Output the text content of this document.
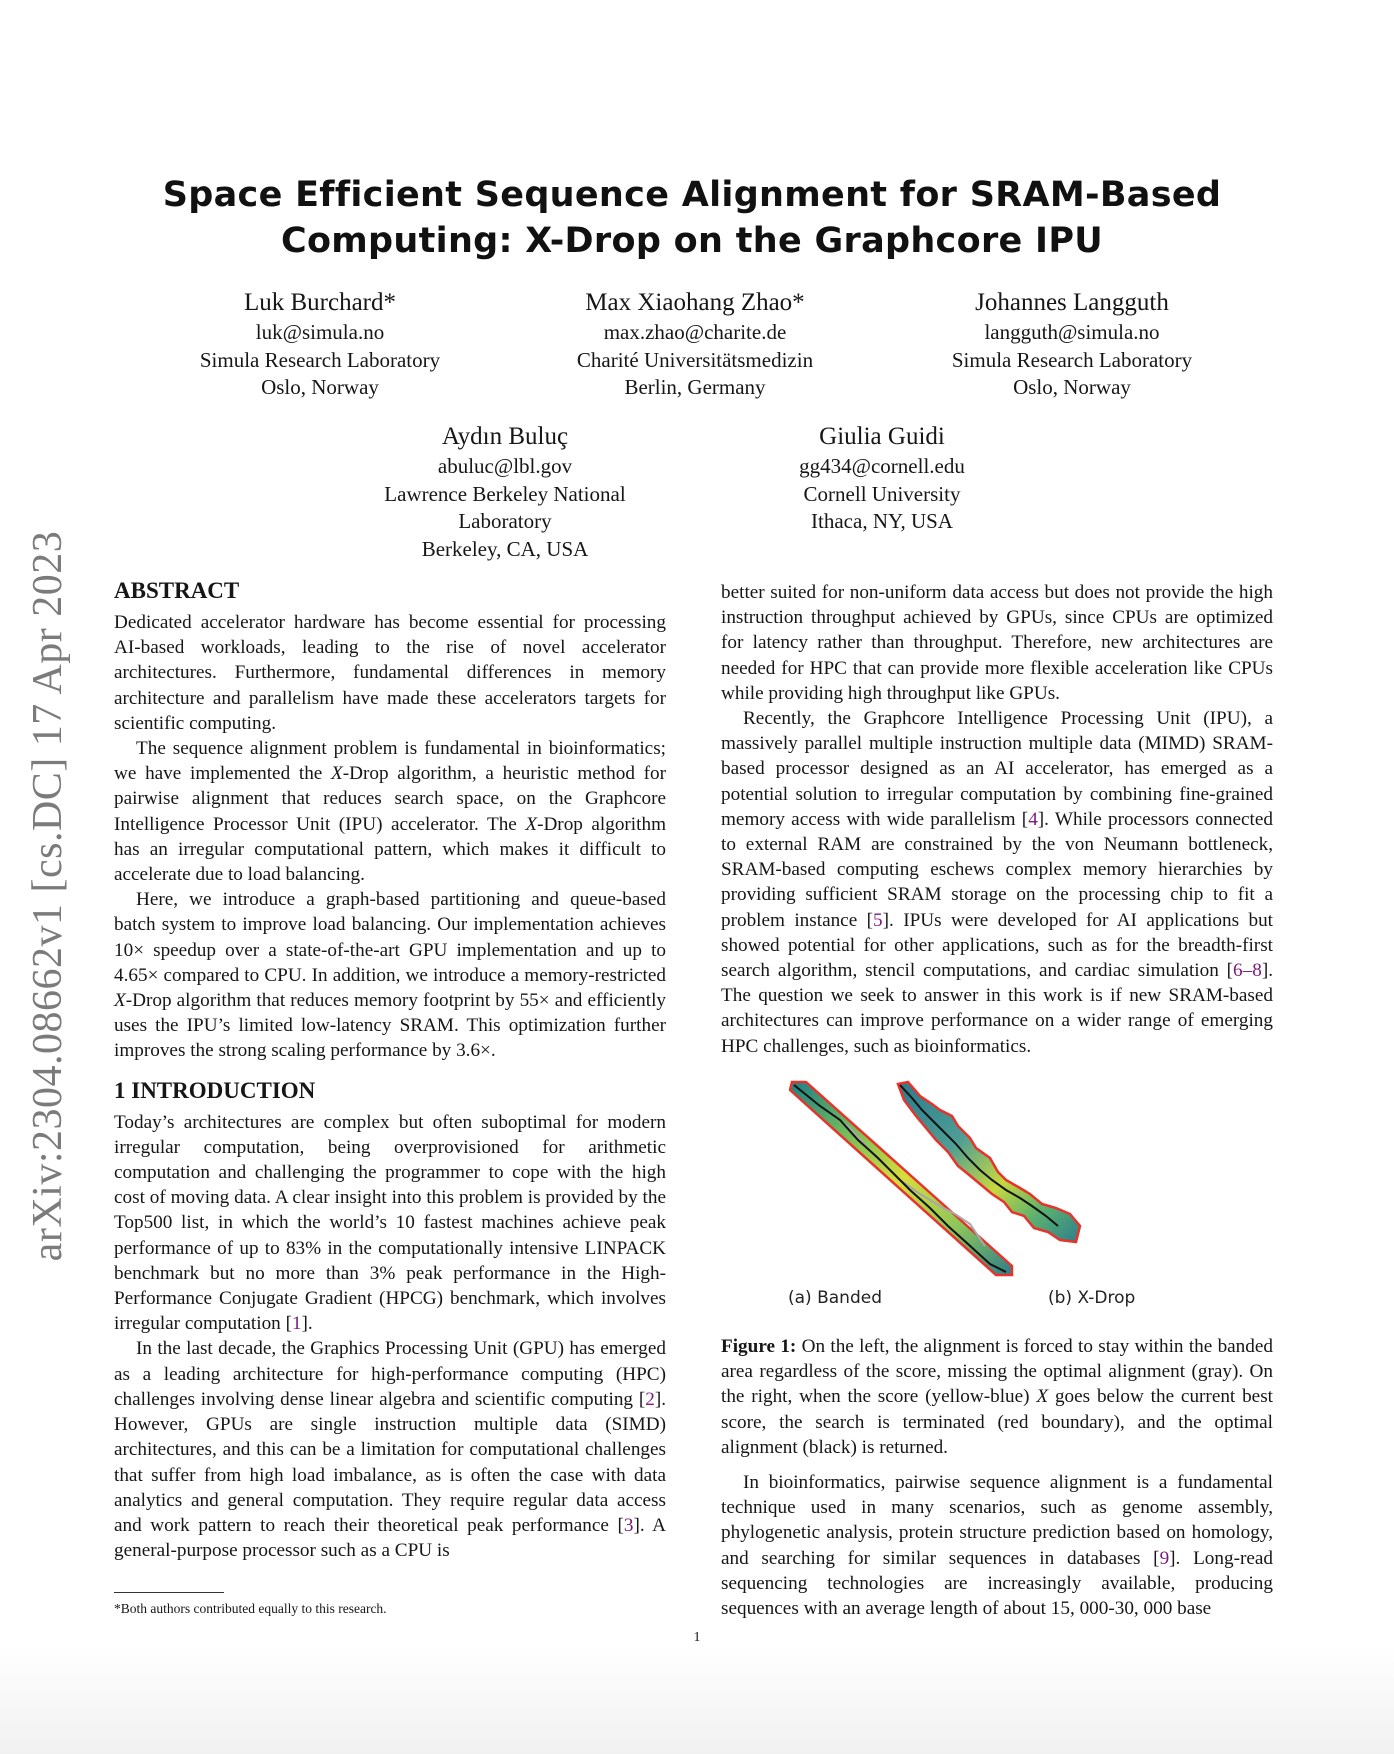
arXiv:2304.08662v1 [cs.DC] 17 Apr 2023
Space Efficient Sequence Alignment for SRAM-Based
Computing: X-Drop on the Graphcore IPU
Luk Burchard*
luk@simula.no
Simula Research Laboratory
Oslo, Norway
Max Xiaohang Zhao*
max.zhao@charite.de
Charité Universitätsmedizin
Berlin, Germany
Johannes Langguth
langguth@simula.no
Simula Research Laboratory
Oslo, Norway
Aydın Buluç
abuluc@lbl.gov
Lawrence Berkeley National
Laboratory
Berkeley, CA, USA
Giulia Guidi
gg434@cornell.edu
Cornell University
Ithaca, NY, USA
ABSTRACT

Dedicated accelerator hardware has become essential for processing AI-based workloads, leading to the rise of novel accelerator architectures. Furthermore, fundamental differences in memory architecture and parallelism have made these accelerators targets for scientific computing.

The sequence alignment problem is fundamental in bioinformatics; we have implemented the X-Drop algorithm, a heuristic method for pairwise alignment that reduces search space, on the Graphcore Intelligence Processor Unit (IPU) accelerator. The X-Drop algorithm has an irregular computational pattern, which makes it difficult to accelerate due to load balancing.

Here, we introduce a graph-based partitioning and queue-based batch system to improve load balancing. Our implementation achieves 10× speedup over a state-of-the-art GPU implementation and up to 4.65× compared to CPU. In addition, we introduce a memory-restricted X-Drop algorithm that reduces memory footprint by 55× and efficiently uses the IPU’s limited low-latency SRAM. This optimization further improves the strong scaling performance by 3.6×.

1 INTRODUCTION

Today’s architectures are complex but often suboptimal for modern irregular computation, being overprovisioned for arithmetic computation and challenging the programmer to cope with the high cost of moving data. A clear insight into this problem is provided by the Top500 list, in which the world’s 10 fastest machines achieve peak performance of up to 83% in the computationally intensive LINPACK benchmark but no more than 3% peak performance in the High-Performance Conjugate Gradient (HPCG) benchmark, which involves irregular computation [1].

In the last decade, the Graphics Processing Unit (GPU) has emerged as a leading architecture for high-performance computing (HPC) challenges involving dense linear algebra and scientific computing [2]. However, GPUs are single instruction multiple data (SIMD) architectures, and this can be a limitation for computational challenges that suffer from high load imbalance, as is often the case with data analytics and general computation. They require regular data access and work pattern to reach their theoretical peak performance [3]. A general-purpose processor such as a CPU is

better suited for non-uniform data access but does not provide the high instruction throughput achieved by GPUs, since CPUs are optimized for latency rather than throughput. Therefore, new architectures are needed for HPC that can provide more flexible acceleration like CPUs while providing high throughput like GPUs.

Recently, the Graphcore Intelligence Processing Unit (IPU), a massively parallel multiple instruction multiple data (MIMD) SRAM-based processor designed as an AI accelerator, has emerged as a potential solution to irregular computation by combining fine-grained memory access with wide parallelism [4]. While processors connected to external RAM are constrained by the von Neumann bottleneck, SRAM-based computing eschews complex memory hierarchies by providing sufficient SRAM storage on the processing chip to fit a problem instance [5]. IPUs were developed for AI applications but showed potential for other applications, such as for the breadth-first search algorithm, stencil computations, and cardiac simulation [6–8]. The question we seek to answer in this work is if new SRAM-based architectures can improve performance on a wider range of emerging HPC challenges, such as bioinformatics.

(a) Banded	(b) X-Drop
Figure 1: On the left, the alignment is forced to stay within the banded area regardless of the score, missing the optimal alignment (gray). On the right, when the score (yellow-blue) X goes below the current best score, the search is terminated (red boundary), and the optimal alignment (black) is returned.

In bioinformatics, pairwise sequence alignment is a fundamental technique used in many scenarios, such as genome assembly, phylogenetic analysis, protein structure prediction based on homology, and searching for similar sequences in databases [9]. Long-read sequencing technologies are increasingly available, producing sequences with an average length of about 15, 000-30, 000 base

*Both authors contributed equally to this research.
1
